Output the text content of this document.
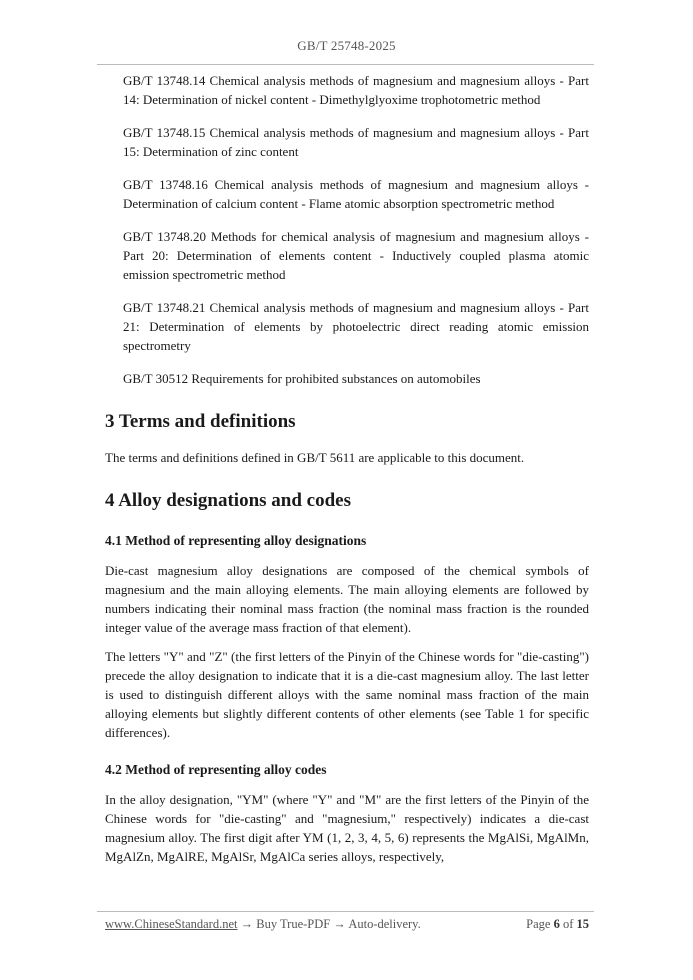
GB/T 25748-2025

GB/T 13748.14 Chemical analysis methods of magnesium and magnesium alloys - Part 14: Determination of nickel content - Dimethylglyoxime trophotometric method

GB/T 13748.15 Chemical analysis methods of magnesium and magnesium alloys - Part 15: Determination of zinc content

GB/T 13748.16 Chemical analysis methods of magnesium and magnesium alloys - Determination of calcium content - Flame atomic absorption spectrometric method

GB/T 13748.20 Methods for chemical analysis of magnesium and magnesium alloys - Part 20: Determination of elements content - Inductively coupled plasma atomic emission spectrometric method

GB/T 13748.21 Chemical analysis methods of magnesium and magnesium alloys - Part 21: Determination of elements by photoelectric direct reading atomic emission spectrometry

GB/T 30512 Requirements for prohibited substances on automobiles

3 Terms and definitions

The terms and definitions defined in GB/T 5611 are applicable to this document.

4 Alloy designations and codes
4.1 Method of representing alloy designations

Die-cast magnesium alloy designations are composed of the chemical symbols of magnesium and the main alloying elements. The main alloying elements are followed by numbers indicating their nominal mass fraction (the nominal mass fraction is the rounded integer value of the average mass fraction of that element).

The letters "Y" and "Z" (the first letters of the Pinyin of the Chinese words for "die-casting") precede the alloy designation to indicate that it is a die-cast magnesium alloy. The last letter is used to distinguish different alloys with the same nominal mass fraction of the main alloying elements but slightly different contents of other elements (see Table 1 for specific differences).

4.2 Method of representing alloy codes

In the alloy designation, "YM" (where "Y" and "M" are the first letters of the Pinyin of the Chinese words for "die-casting" and "magnesium," respectively) indicates a die-cast magnesium alloy. The first digit after YM (1, 2, 3, 4, 5, 6) represents the MgAlSi, MgAlMn, MgAlZn, MgAlRE, MgAlSr, MgAlCa series alloys, respectively,

www.ChineseStandard.net → Buy True-PDF → Auto-delivery.	Page 6 of 15
